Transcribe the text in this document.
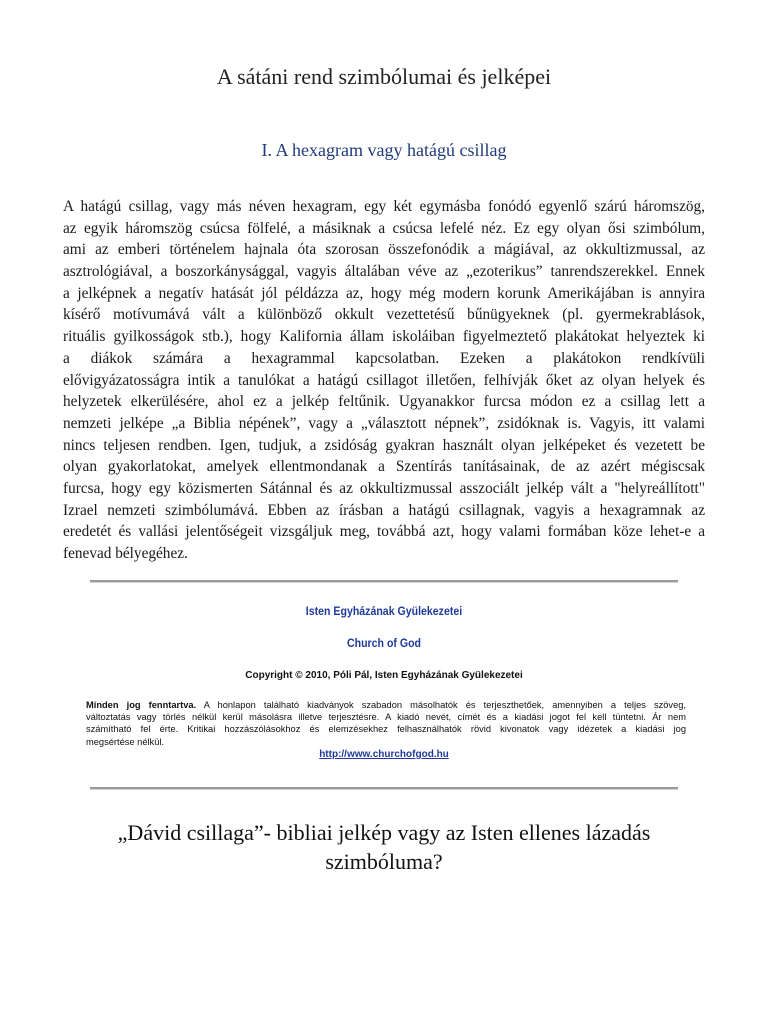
A sátáni rend szimbólumai és jelképei
I. A hexagram vagy hatágú csillag
A hatágú csillag, vagy más néven hexagram, egy két egymásba fonódó egyenlő szárú háromszög,
az egyik háromszög csúcsa fölfelé, a másiknak a csúcsa lefelé néz. Ez egy olyan ősi szimbólum,
ami az emberi történelem hajnala óta szorosan összefonódik a mágiával, az okkultizmussal, az
asztrológiával, a boszorkánysággal, vagyis általában véve az „ezoterikus” tanrendszerekkel. Ennek
a jelképnek a negatív hatását jól példázza az, hogy még modern korunk Amerikájában is annyira
kísérő motívumává vált a különböző okkult vezettetésű bűnügyeknek (pl. gyermekrablások,
rituális gyilkosságok stb.), hogy Kalifornia állam iskoláiban figyelmeztető plakátokat helyeztek ki
a diákok számára a hexagrammal kapcsolatban. Ezeken a plakátokon rendkívüli
elővigyázatosságra intik a tanulókat a hatágú csillagot illetően, felhívják őket az olyan helyek és
helyzetek elkerülésére, ahol ez a jelkép feltűnik. Ugyanakkor furcsa módon ez a csillag lett a
nemzeti jelképe „a Biblia népének”, vagy a „választott népnek”, zsidóknak is. Vagyis, itt valami
nincs teljesen rendben. Igen, tudjuk, a zsidóság gyakran használt olyan jelképeket és vezetett be
olyan gyakorlatokat, amelyek ellentmondanak a Szentírás tanításainak, de az azért mégiscsak
furcsa, hogy egy közismerten Sátánnal és az okkultizmussal asszociált jelkép vált a "helyreállított"
Izrael nemzeti szimbólumává. Ebben az írásban a hatágú csillagnak, vagyis a hexagramnak az
eredetét és vallási jelentőségeit vizsgáljuk meg, továbbá azt, hogy valami formában köze lehet-e a
fenevad bélyegéhez.
Isten Egyházának Gyülekezetei
Church of God
Copyright © 2010, Póli Pál, Isten Egyházának Gyülekezetei
Minden jog fenntartva. A honlapon található kiadványok szabadon másolhatók és terjeszthetőek, amennyiben a teljes szöveg,
változtatás vagy törlés nélkül kerül másolásra illetve terjesztésre. A kiadó nevét, címét és a kiadási jogot fel kell tüntetni. Ár nem
számítható fel érte. Kritikai hozzászólásokhoz és elemzésekhez felhasználhatók rövid kivonatok vagy idézetek a kiadási jog
megsértése nélkül.
http://www.churchofgod.hu
„Dávid csillaga”- bibliai jelkép vagy az Isten ellenes lázadás
szimbóluma?
